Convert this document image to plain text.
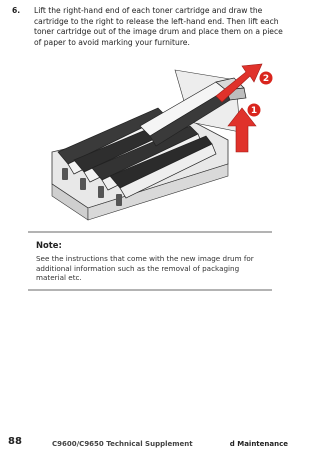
6. Lift the right-hand end of each toner cartridge and draw the cartridge to the right to release the left-hand end. Then lift each toner cartridge out of the image drum and place them on a piece of paper to avoid marking your furniture.
2
1
Note:
See the instructions that come with the new image drum for additional information such as the removal of packaging material etc.
88	C9600/C9650 Technical Supplement	d Maintenance
